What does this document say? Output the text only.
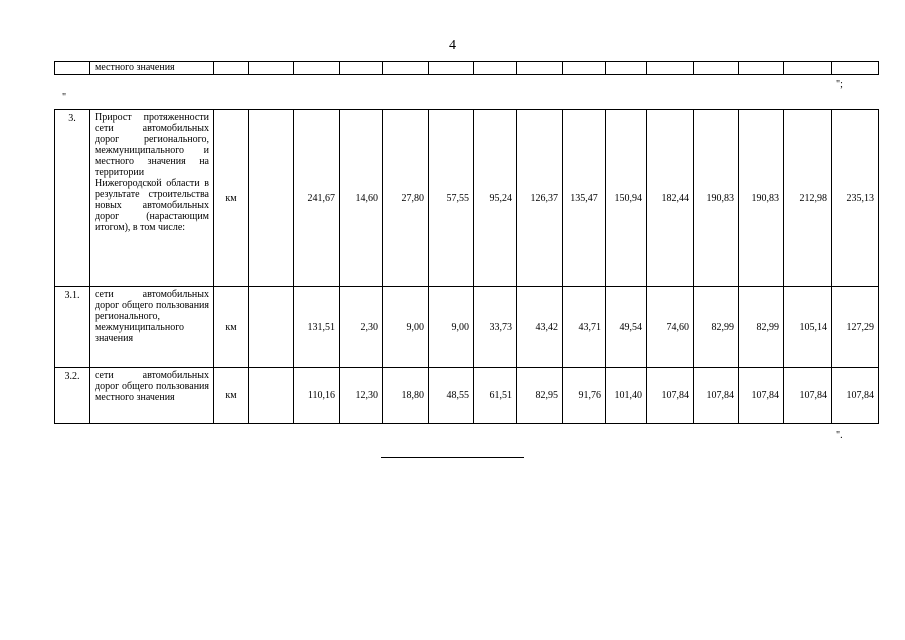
4
	местного значения															
";
"
3.	Прирост протяженности сети автомобильных дорог регионального, межмуниципального и местного значения на территории Нижегородской области в результате строительства новых автомобильных дорог (нарастающим итогом), в том числе:	км		241,67	14,60	27,80	57,55	95,24	126,37	135,47	150,94	182,44	190,83	190,83	212,98	235,13
3.1.	сети автомобильных дорог общего пользования регионального, межмуниципального значения	км		131,51	2,30	9,00	9,00	33,73	43,42	43,71	49,54	74,60	82,99	82,99	105,14	127,29
3.2.	сети автомобильных дорог общего пользования местного значения	км		110,16	12,30	18,80	48,55	61,51	82,95	91,76	101,40	107,84	107,84	107,84	107,84	107,84
".
